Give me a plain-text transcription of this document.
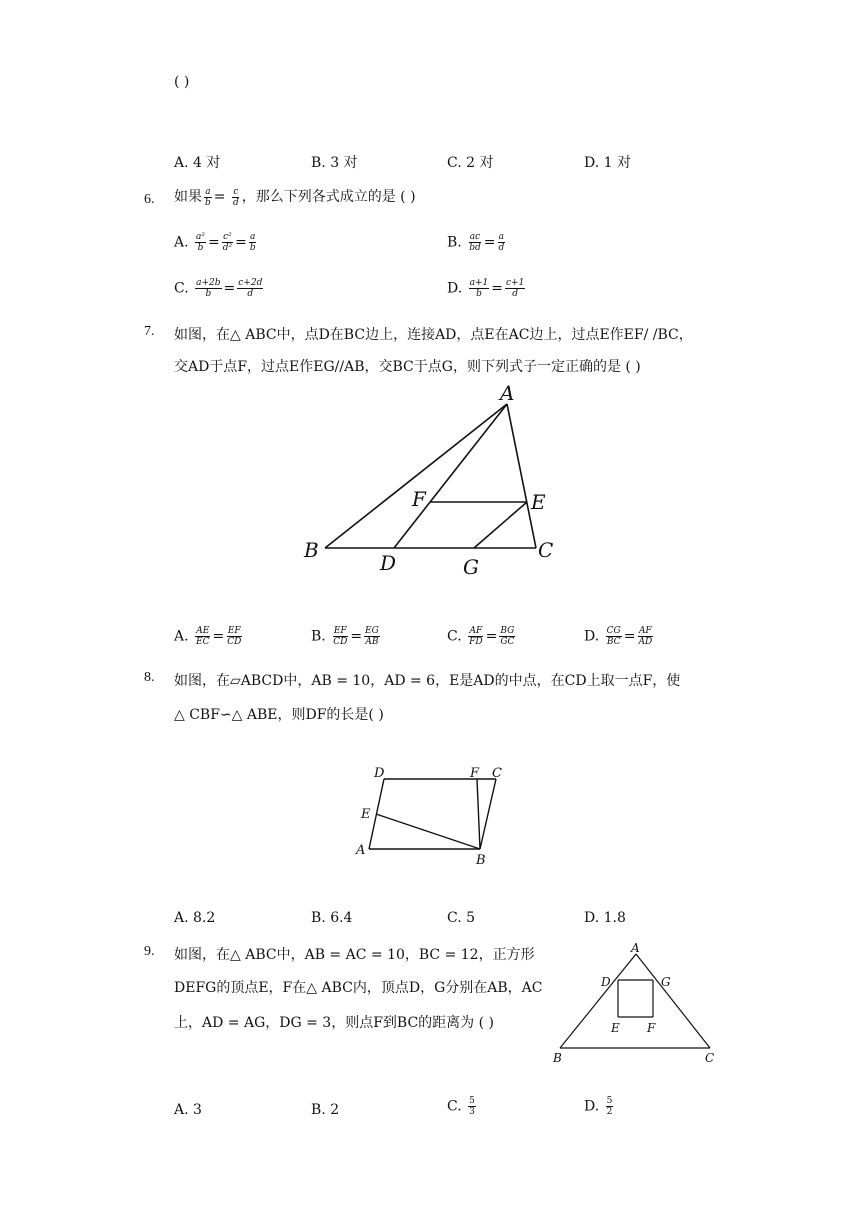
( )
A. 4 对	B. 3 对	C. 2 对	D. 1 对
6. 如果 $\frac{a}{b} = \frac{c}{d}$ ，那么下列各式成立的是 ( )
A. $\frac{\text{a²}}{b} = \frac{\text{c²}}{\text{d²}} = \frac{a}{b}$	B. $\frac{ac}{bd} = \frac{a}{d}$
C. $\frac{a+2b}{b} = \frac{c+2d}{d}$	D. $\frac{a+1}{b} = \frac{c+1}{d}$
7. 如图，在△ ABC中，点D在BC边上，连接AD，点E在AC边上，过点E作EF/ /BC，
交AD于点F，过点E作EG//AB，交BC于点G，则下列式子一定正确的是 ( )
A
B	C
D
E
F
G
A. $\frac{AE}{EC} = \frac{EF}{CD}$	B. $\frac{EF}{CD} = \frac{EG}{AB}$	C. $\frac{AF}{FD} = \frac{BG}{GC}$	D. $\frac{CG}{BC} = \frac{AF}{AD}$
8. 如图，在▱ABCD中，AB = 10，AD = 6，E是AD的中点，在CD上取一点F，使
△ CBF∽△ ABE，则DF的长是( )
D	F C
E
A
B
A. 8.2	B. 6.4	C. 5	D. 1.8
9. 如图，在△ ABC中，AB = AC = 10，BC = 12，正方形
DEFG的顶点E，F在△ ABC内，顶点D，G分别在AB，AC
上，AD = AG，DG = 3，则点F到BC的距离为 ( )
A
D	G
E F
B	C
A. 3	B. 2	C. $\frac{5}{3}$	D. $\frac{5}{2}$
